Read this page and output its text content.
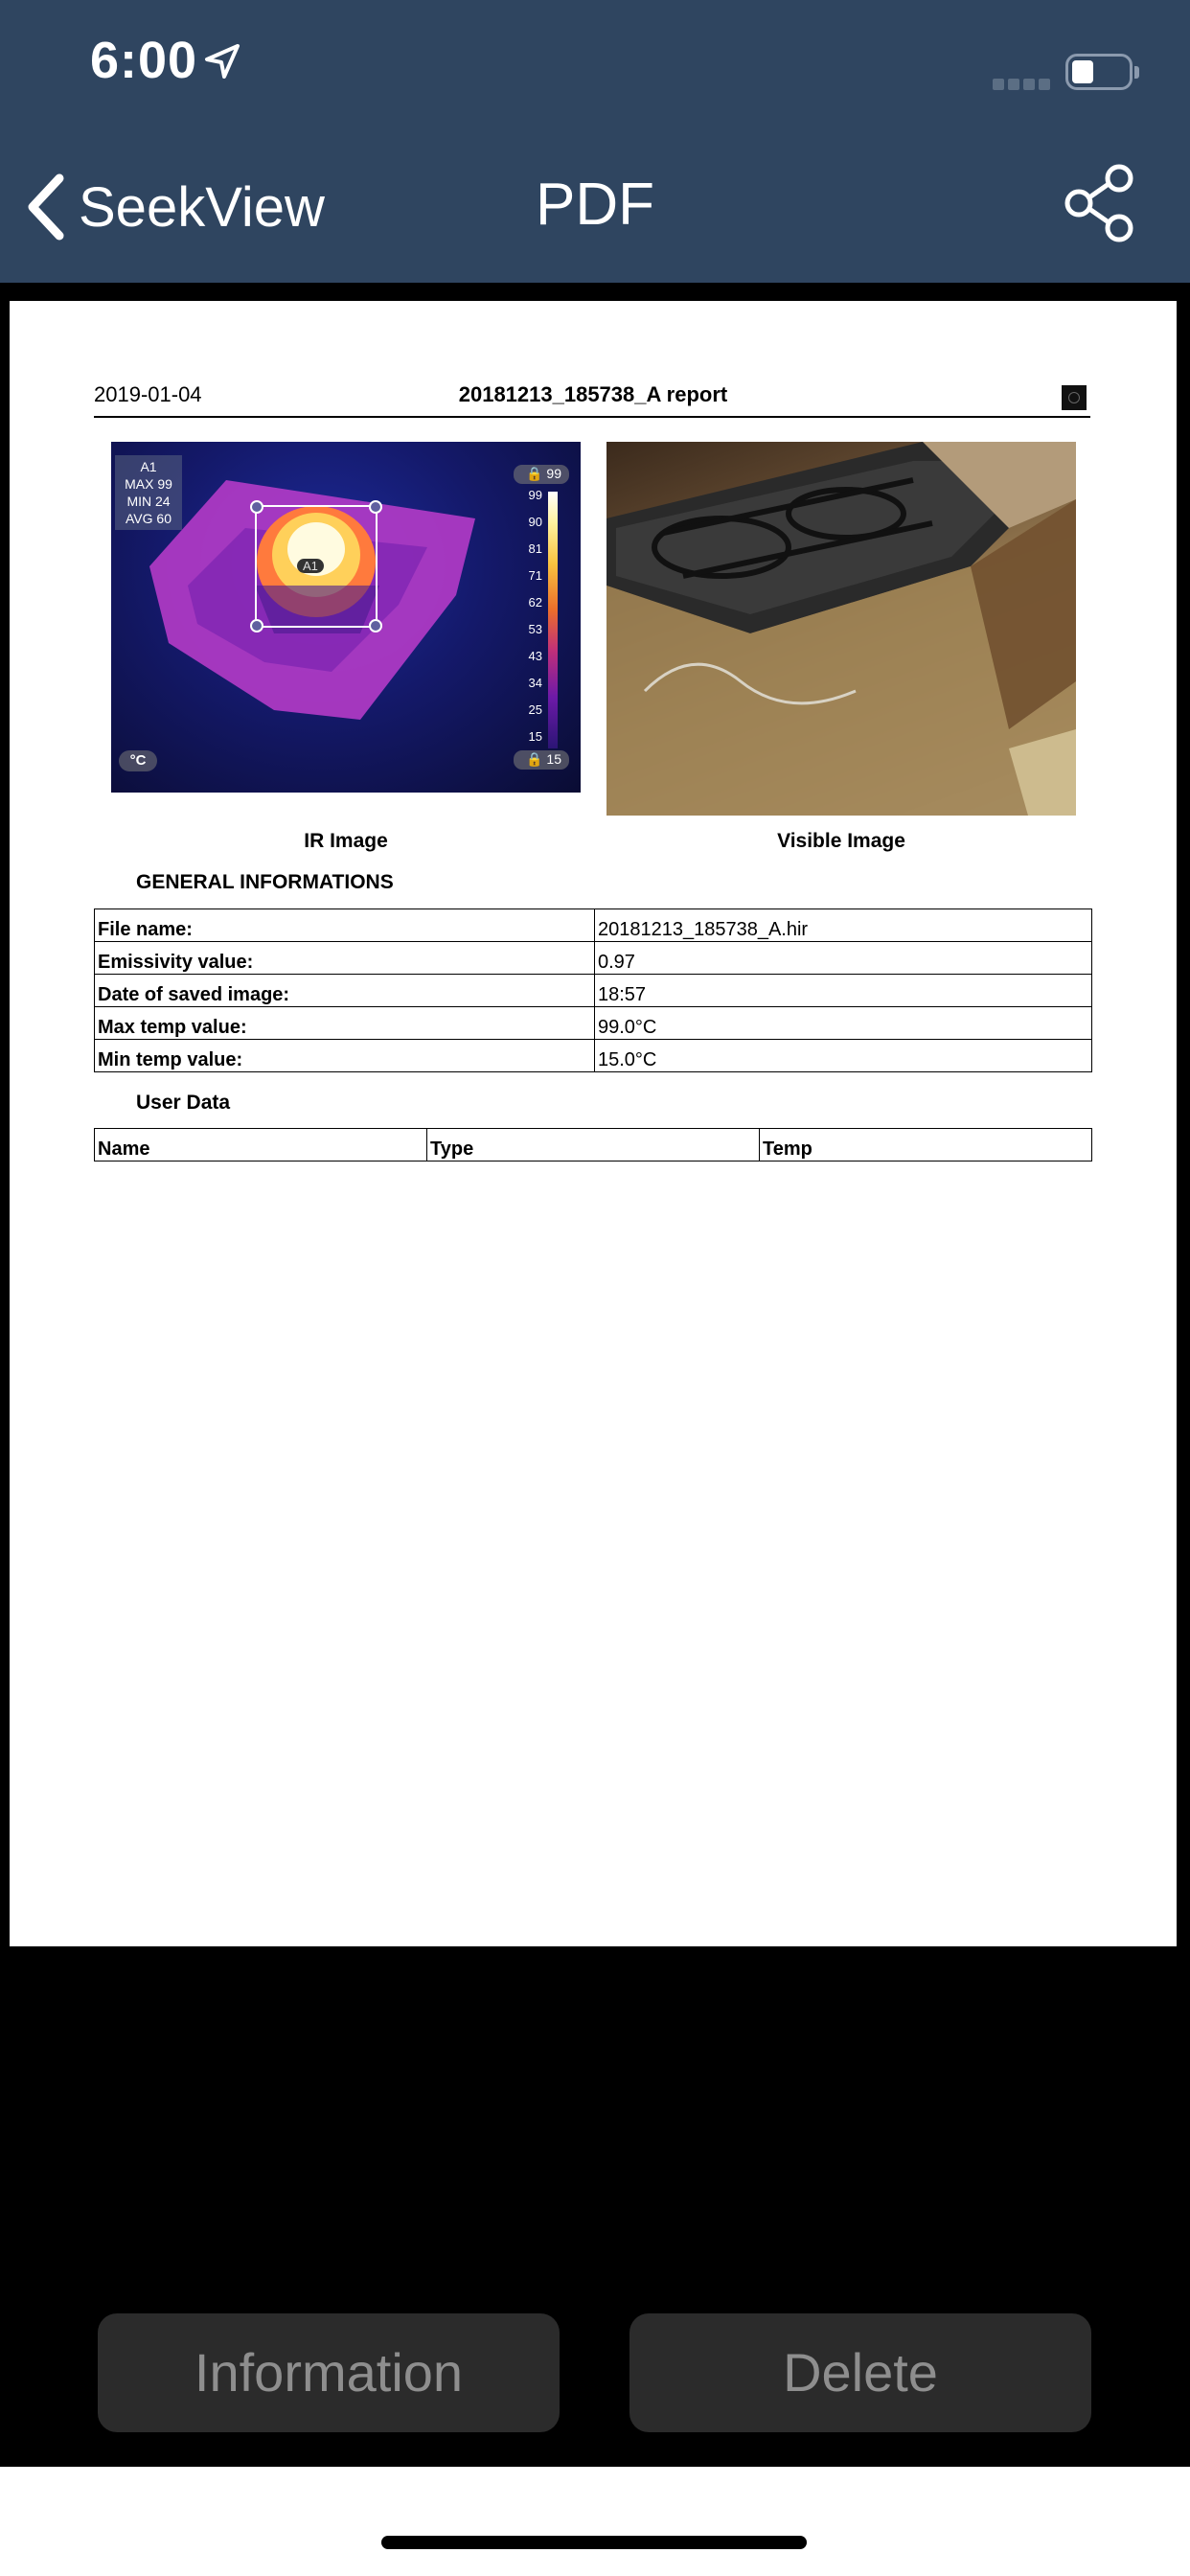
6:00
SeekView	PDF
2019-01-04	20181213_185738_A report
A1
MAX 99
MIN 24
AVG 60
A1
🔒 99
99
90
81
71
62
53
43
34
25
15
🔒 15
°C
IR Image	Visible Image
GENERAL INFORMATIONS
File name:	20181213_185738_A.hir
Emissivity value:	0.97
Date of saved image:	18:57
Max temp value:	99.0°C
Min temp value:	15.0°C
User Data
Name	Type	Temp
Information	Delete
